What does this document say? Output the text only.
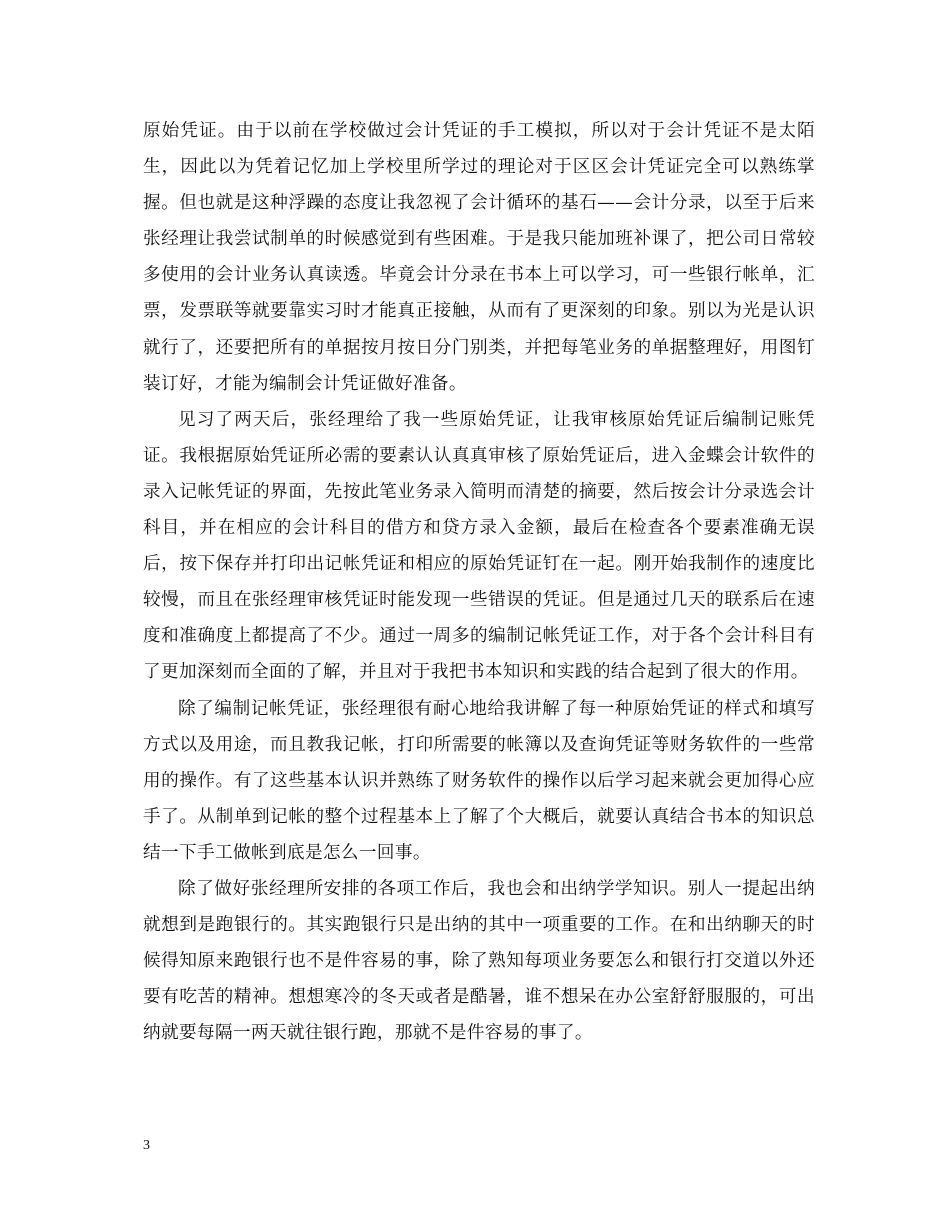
原始凭证。由于以前在学校做过会计凭证的手工模拟，所以对于会计凭证不是太陌生，因此以为凭着记忆加上学校里所学过的理论对于区区会计凭证完全可以熟练掌握。但也就是这种浮躁的态度让我忽视了会计循环的基石——会计分录，以至于后来张经理让我尝试制单的时候感觉到有些困难。于是我只能加班补课了，把公司日常较多使用的会计业务认真读透。毕竟会计分录在书本上可以学习，可一些银行帐单，汇票，发票联等就要靠实习时才能真正接触，从而有了更深刻的印象。别以为光是认识就行了，还要把所有的单据按月按日分门别类，并把每笔业务的单据整理好，用图钉装订好，才能为编制会计凭证做好准备。

见习了两天后，张经理给了我一些原始凭证，让我审核原始凭证后编制记账凭证。我根据原始凭证所必需的要素认认真真审核了原始凭证后，进入金蝶会计软件的录入记帐凭证的界面，先按此笔业务录入简明而清楚的摘要，然后按会计分录选会计科目，并在相应的会计科目的借方和贷方录入金额，最后在检查各个要素准确无误后，按下保存并打印出记帐凭证和相应的原始凭证钉在一起。刚开始我制作的速度比较慢，而且在张经理审核凭证时能发现一些错误的凭证。但是通过几天的联系后在速度和准确度上都提高了不少。通过一周多的编制记帐凭证工作，对于各个会计科目有了更加深刻而全面的了解，并且对于我把书本知识和实践的结合起到了很大的作用。

除了编制记帐凭证，张经理很有耐心地给我讲解了每一种原始凭证的样式和填写方式以及用途，而且教我记帐，打印所需要的帐簿以及查询凭证等财务软件的一些常用的操作。有了这些基本认识并熟练了财务软件的操作以后学习起来就会更加得心应手了。从制单到记帐的整个过程基本上了解了个大概后，就要认真结合书本的知识总结一下手工做帐到底是怎么一回事。

除了做好张经理所安排的各项工作后，我也会和出纳学学知识。别人一提起出纳就想到是跑银行的。其实跑银行只是出纳的其中一项重要的工作。在和出纳聊天的时候得知原来跑银行也不是件容易的事，除了熟知每项业务要怎么和银行打交道以外还要有吃苦的精神。想想寒冷的冬天或者是酷暑，谁不想呆在办公室舒舒服服的，可出纳就要每隔一两天就往银行跑，那就不是件容易的事了。

3
